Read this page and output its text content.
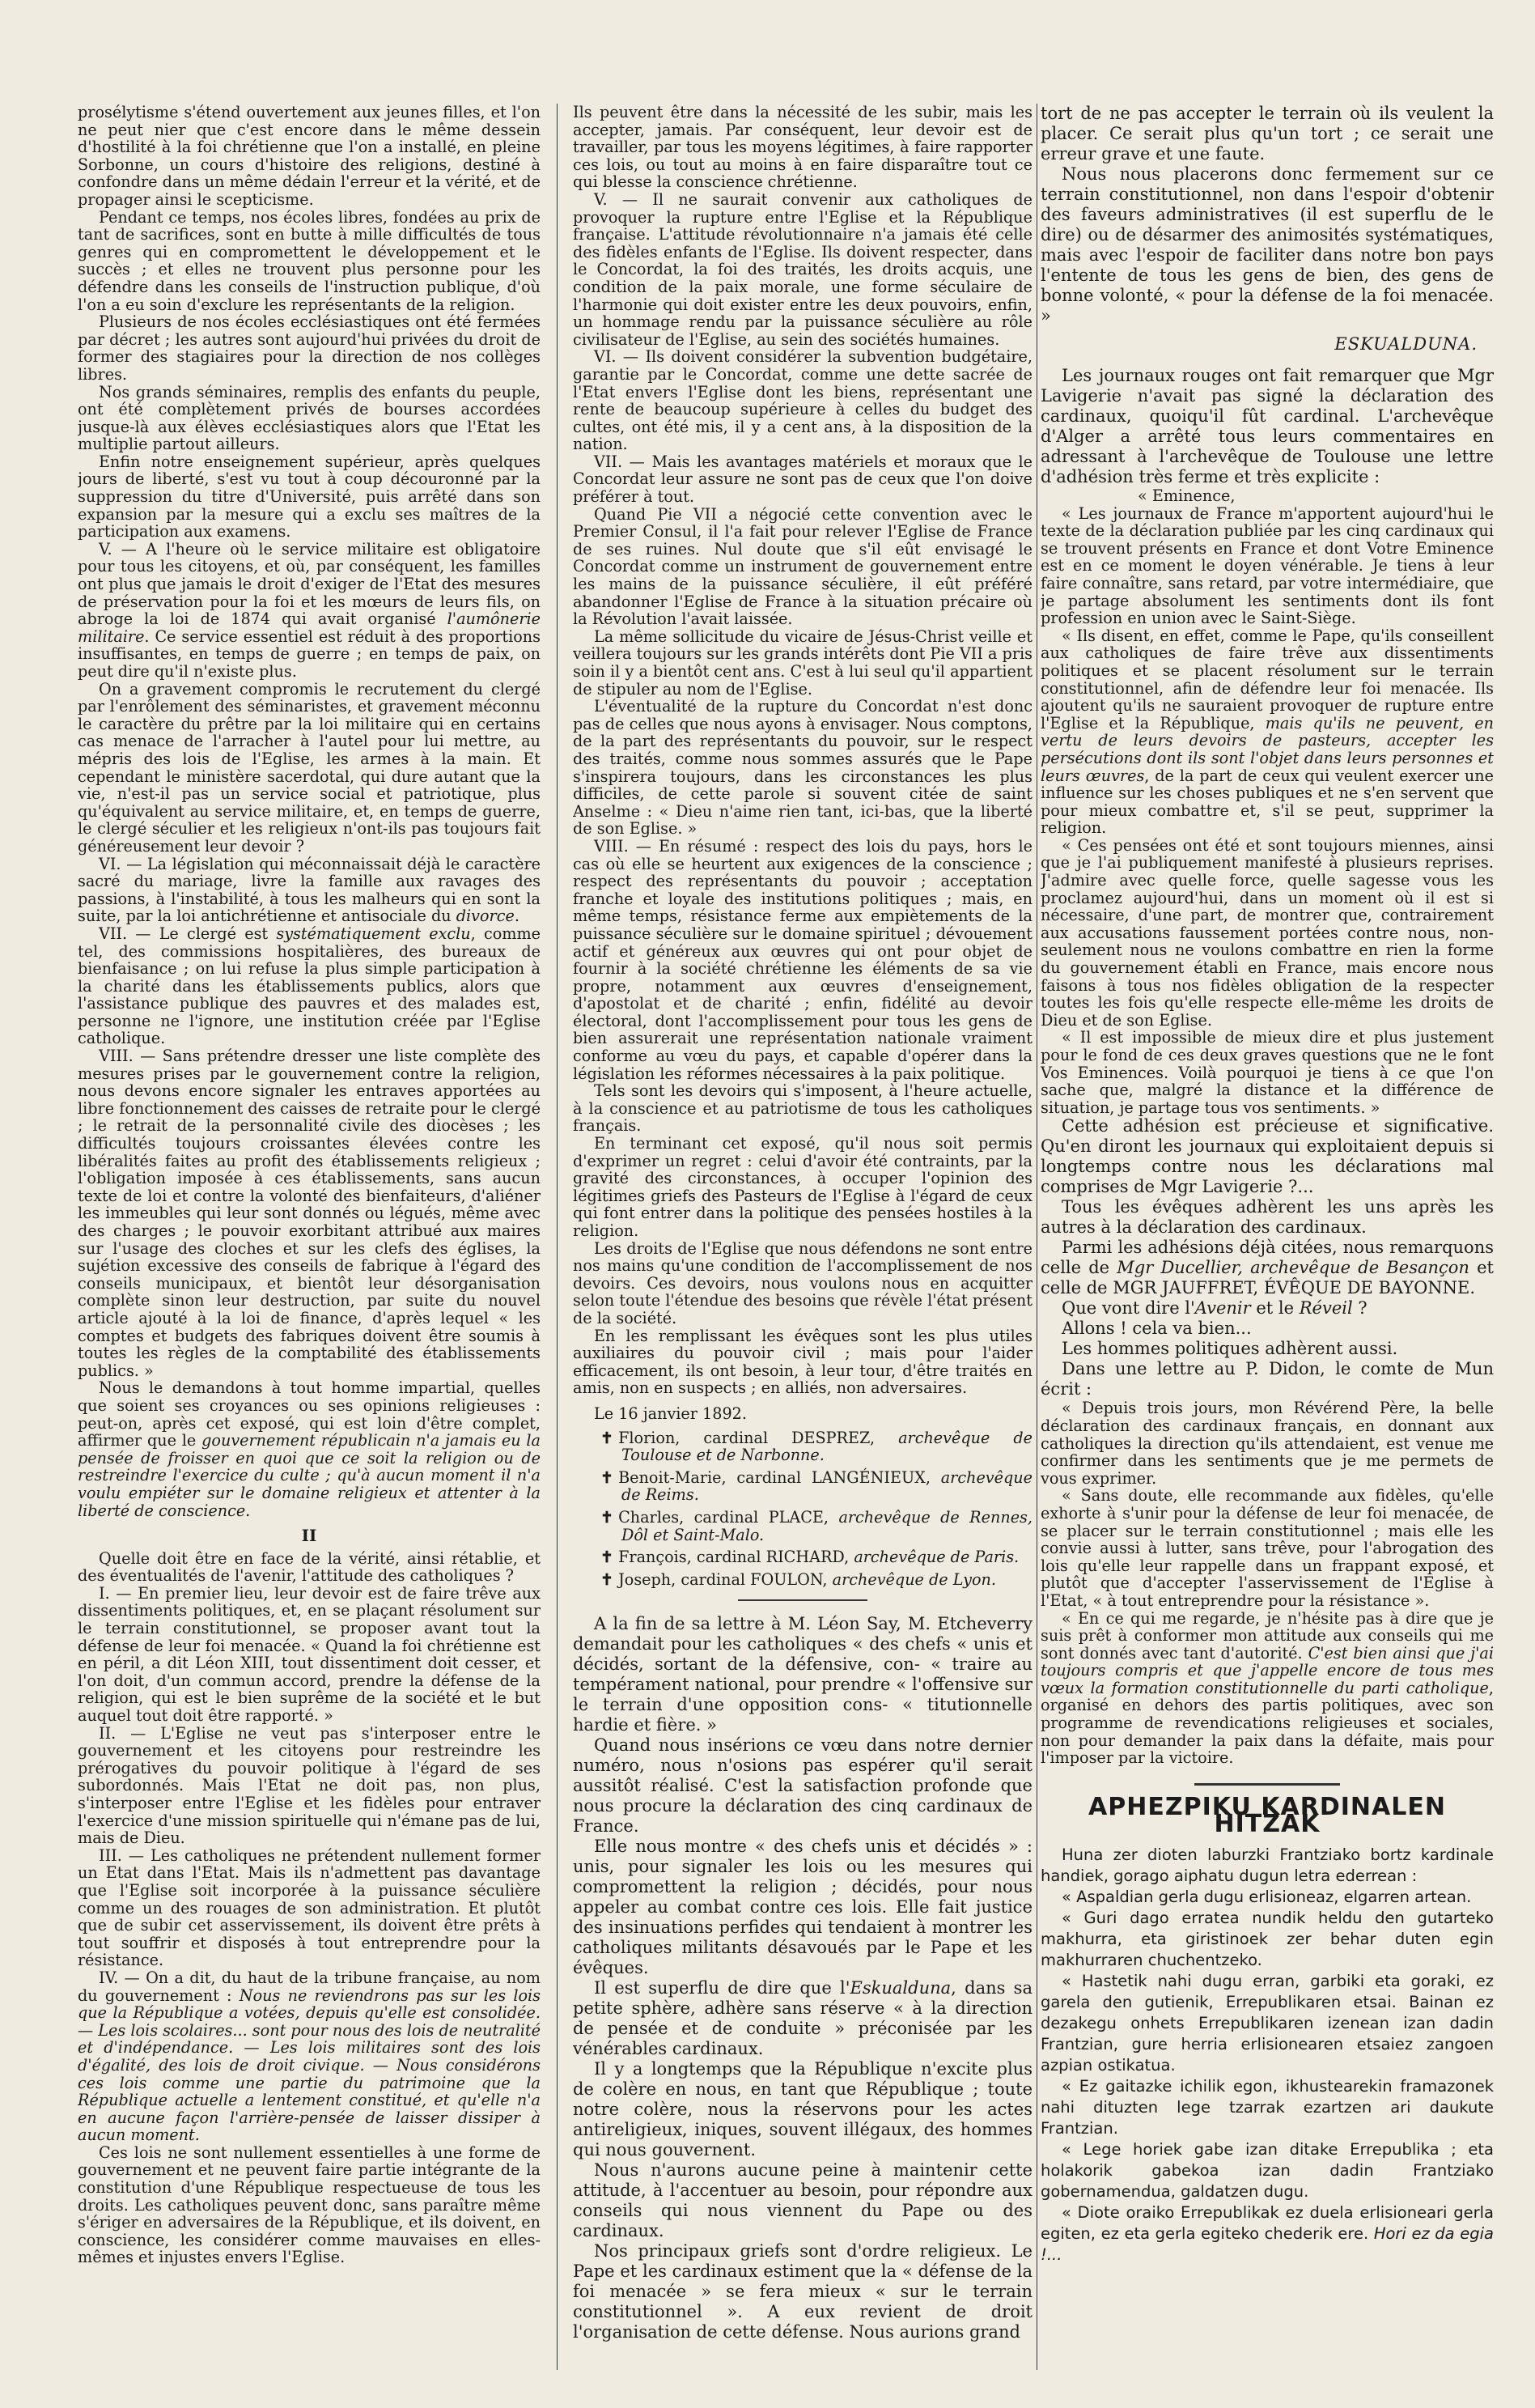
prosélytisme s'étend ouvertement aux jeunes filles, et l'on ne peut nier que c'est encore dans le même dessein d'hostilité à la foi chrétienne que l'on a installé, en pleine Sorbonne, un cours d'histoire des religions, destiné à confondre dans un même dédain l'erreur et la vérité, et de propager ainsi le scepticisme.

Pendant ce temps, nos écoles libres, fondées au prix de tant de sacrifices, sont en butte à mille difficultés de tous genres qui en compromettent le développement et le succès ; et elles ne trouvent plus personne pour les défendre dans les conseils de l'instruction publique, d'où l'on a eu soin d'exclure les représentants de la religion.

Plusieurs de nos écoles ecclésiastiques ont été fermées par décret ; les autres sont aujourd'hui privées du droit de former des stagiaires pour la direction de nos collèges libres.

Nos grands séminaires, remplis des enfants du peuple, ont été complètement privés de bourses accordées jusque-là aux élèves ecclésiastiques alors que l'Etat les multiplie partout ailleurs.

Enfin notre enseignement supérieur, après quelques jours de liberté, s'est vu tout à coup découronné par la suppression du titre d'Université, puis arrêté dans son expansion par la mesure qui a exclu ses maîtres de la participation aux examens.

V. — A l'heure où le service militaire est obligatoire pour tous les citoyens, et où, par conséquent, les familles ont plus que jamais le droit d'exiger de l'Etat des mesures de préservation pour la foi et les mœurs de leurs fils, on abroge la loi de 1874 qui avait organisé l'aumônerie militaire. Ce service essentiel est réduit à des proportions insuffisantes, en temps de guerre ; en temps de paix, on peut dire qu'il n'existe plus.

On a gravement compromis le recrutement du clergé par l'enrôlement des séminaristes, et gravement méconnu le caractère du prêtre par la loi militaire qui en certains cas menace de l'arracher à l'autel pour lui mettre, au mépris des lois de l'Eglise, les armes à la main. Et cependant le ministère sacerdotal, qui dure autant que la vie, n'est-il pas un service social et patriotique, plus qu'équivalent au service militaire, et, en temps de guerre, le clergé séculier et les religieux n'ont-ils pas toujours fait généreusement leur devoir ?

VI. — La législation qui méconnaissait déjà le caractère sacré du mariage, livre la famille aux ravages des passions, à l'instabilité, à tous les malheurs qui en sont la suite, par la loi antichrétienne et antisociale du divorce.

VII. — Le clergé est systématiquement exclu, comme tel, des commissions hospitalières, des bureaux de bienfaisance ; on lui refuse la plus simple participation à la charité dans les établissements publics, alors que l'assistance publique des pauvres et des malades est, personne ne l'ignore, une institution créée par l'Eglise catholique.

VIII. — Sans prétendre dresser une liste complète des mesures prises par le gouvernement contre la religion, nous devons encore signaler les entraves apportées au libre fonctionnement des caisses de retraite pour le clergé ; le retrait de la personnalité civile des diocèses ; les difficultés toujours croissantes élevées contre les libéralités faites au profit des établissements religieux ; l'obligation imposée à ces établissements, sans aucun texte de loi et contre la volonté des bienfaiteurs, d'aliéner les immeubles qui leur sont donnés ou légués, même avec des charges ; le pouvoir exorbitant attribué aux maires sur l'usage des cloches et sur les clefs des églises, la sujétion excessive des conseils de fabrique à l'égard des conseils municipaux, et bientôt leur désorganisation complète sinon leur destruction, par suite du nouvel article ajouté à la loi de finance, d'après lequel « les comptes et budgets des fabriques doivent être soumis à toutes les règles de la comptabilité des établissements publics. »

Nous le demandons à tout homme impartial, quelles que soient ses croyances ou ses opinions religieuses : peut-on, après cet exposé, qui est loin d'être complet, affirmer que le gouvernement républicain n'a jamais eu la pensée de froisser en quoi que ce soit la religion ou de restreindre l'exercice du culte ; qu'à aucun moment il n'a voulu empiéter sur le domaine religieux et attenter à la liberté de conscience.

II

Quelle doit être en face de la vérité, ainsi rétablie, et des éventualités de l'avenir, l'attitude des catholiques ?

I. — En premier lieu, leur devoir est de faire trêve aux dissentiments politiques, et, en se plaçant résolument sur le terrain constitutionnel, se proposer avant tout la défense de leur foi menacée. « Quand la foi chrétienne est en péril, a dit Léon XIII, tout dissentiment doit cesser, et l'on doit, d'un commun accord, prendre la défense de la religion, qui est le bien suprême de la société et le but auquel tout doit être rapporté. »

II. — L'Eglise ne veut pas s'interposer entre le gouvernement et les citoyens pour restreindre les prérogatives du pouvoir politique à l'égard de ses subordonnés. Mais l'Etat ne doit pas, non plus, s'interposer entre l'Eglise et les fidèles pour entraver l'exercice d'une mission spirituelle qui n'émane pas de lui, mais de Dieu.

III. — Les catholiques ne prétendent nullement former un Etat dans l'Etat. Mais ils n'admettent pas davantage que l'Eglise soit incorporée à la puissance séculière comme un des rouages de son administration. Et plutôt que de subir cet asservissement, ils doivent être prêts à tout souffrir et disposés à tout entreprendre pour la résistance.

IV. — On a dit, du haut de la tribune française, au nom du gouvernement : Nous ne reviendrons pas sur les lois que la République a votées, depuis qu'elle est consolidée. — Les lois scolaires... sont pour nous des lois de neutralité et d'indépendance. — Les lois militaires sont des lois d'égalité, des lois de droit civique. — Nous considérons ces lois comme une partie du patrimoine que la République actuelle a lentement constitué, et qu'elle n'a en aucune façon l'arrière-pensée de laisser dissiper à aucun moment.

Ces lois ne sont nullement essentielles à une forme de gouvernement et ne peuvent faire partie intégrante de la constitution d'une République respectueuse de tous les droits. Les catholiques peuvent donc, sans paraître même s'ériger en adversaires de la République, et ils doivent, en conscience, les considérer comme mauvaises en elles-mêmes et injustes envers l'Eglise.

Ils peuvent être dans la nécessité de les subir, mais les accepter, jamais. Par conséquent, leur devoir est de travailler, par tous les moyens légitimes, à faire rapporter ces lois, ou tout au moins à en faire disparaître tout ce qui blesse la conscience chrétienne.

V. — Il ne saurait convenir aux catholiques de provoquer la rupture entre l'Eglise et la République française. L'attitude révolutionnaire n'a jamais été celle des fidèles enfants de l'Eglise. Ils doivent respecter, dans le Concordat, la foi des traités, les droits acquis, une condition de la paix morale, une forme séculaire de l'harmonie qui doit exister entre les deux pouvoirs, enfin, un hommage rendu par la puissance séculière au rôle civilisateur de l'Eglise, au sein des sociétés humaines.

VI. — Ils doivent considérer la subvention budgétaire, garantie par le Concordat, comme une dette sacrée de l'Etat envers l'Eglise dont les biens, représentant une rente de beaucoup supérieure à celles du budget des cultes, ont été mis, il y a cent ans, à la disposition de la nation.

VII. — Mais les avantages matériels et moraux que le Concordat leur assure ne sont pas de ceux que l'on doive préférer à tout.

Quand Pie VII a négocié cette convention avec le Premier Consul, il l'a fait pour relever l'Eglise de France de ses ruines. Nul doute que s'il eût envisagé le Concordat comme un instrument de gouvernement entre les mains de la puissance séculière, il eût préféré abandonner l'Eglise de France à la situation précaire où la Révolution l'avait laissée.

La même sollicitude du vicaire de Jésus-Christ veille et veillera toujours sur les grands intérêts dont Pie VII a pris soin il y a bientôt cent ans. C'est à lui seul qu'il appartient de stipuler au nom de l'Eglise.

L'éventualité de la rupture du Concordat n'est donc pas de celles que nous ayons à envisager. Nous comptons, de la part des représentants du pouvoir, sur le respect des traités, comme nous sommes assurés que le Pape s'inspirera toujours, dans les circonstances les plus difficiles, de cette parole si souvent citée de saint Anselme : « Dieu n'aime rien tant, ici-bas, que la liberté de son Eglise. »

VIII. — En résumé : respect des lois du pays, hors le cas où elle se heurtent aux exigences de la conscience ; respect des représentants du pouvoir ; acceptation franche et loyale des institutions politiques ; mais, en même temps, résistance ferme aux empiètements de la puissance séculière sur le domaine spirituel ; dévouement actif et généreux aux œuvres qui ont pour objet de fournir à la société chrétienne les éléments de sa vie propre, notamment aux œuvres d'enseignement, d'apostolat et de charité ; enfin, fidélité au devoir électoral, dont l'accomplissement pour tous les gens de bien assurerait une représentation nationale vraiment conforme au vœu du pays, et capable d'opérer dans la législation les réformes nécessaires à la paix politique.

Tels sont les devoirs qui s'imposent, à l'heure actuelle, à la conscience et au patriotisme de tous les catholiques français.

En terminant cet exposé, qu'il nous soit permis d'exprimer un regret : celui d'avoir été contraints, par la gravité des circonstances, à occuper l'opinion des légitimes griefs des Pasteurs de l'Eglise à l'égard de ceux qui font entrer dans la politique des pensées hostiles à la religion.

Les droits de l'Eglise que nous défendons ne sont entre nos mains qu'une condition de l'accomplissement de nos devoirs. Ces devoirs, nous voulons nous en acquitter selon toute l'étendue des besoins que révèle l'état présent de la société.

En les remplissant les évêques sont les plus utiles auxiliaires du pouvoir civil ; mais pour l'aider efficacement, ils ont besoin, à leur tour, d'être traités en amis, non en suspects ; en alliés, non adversaires.

Le 16 janvier 1892.

✝ Florion, cardinal DESPREZ, archevêque de Toulouse et de Narbonne.

✝ Benoit-Marie, cardinal LANGÉNIEUX, archevêque de Reims.

✝ Charles, cardinal PLACE, archevêque de Rennes, Dôl et Saint-Malo.

✝ François, cardinal RICHARD, archevêque de Paris.

✝ Joseph, cardinal FOULON, archevêque de Lyon.

A la fin de sa lettre à M. Léon Say, M. Etcheverry demandait pour les catholiques « des chefs « unis et décidés, sortant de la défensive, con- « traire au tempérament national, pour prendre « l'offensive sur le terrain d'une opposition cons- « titutionnelle hardie et fière. »

Quand nous insérions ce vœu dans notre dernier numéro, nous n'osions pas espérer qu'il serait aussitôt réalisé. C'est la satisfaction profonde que nous procure la déclaration des cinq cardinaux de France.

Elle nous montre « des chefs unis et décidés » : unis, pour signaler les lois ou les mesures qui compromettent la religion ; décidés, pour nous appeler au combat contre ces lois. Elle fait justice des insinuations perfides qui tendaient à montrer les catholiques militants désavoués par le Pape et les évêques.

Il est superflu de dire que l'Eskualduna, dans sa petite sphère, adhère sans réserve « à la direction de pensée et de conduite » préconisée par les vénérables cardinaux.

Il y a longtemps que la République n'excite plus de colère en nous, en tant que République ; toute notre colère, nous la réservons pour les actes antireligieux, iniques, souvent illégaux, des hommes qui nous gouvernent.

Nous n'aurons aucune peine à maintenir cette attitude, à l'accentuer au besoin, pour répondre aux conseils qui nous viennent du Pape ou des cardinaux.

Nos principaux griefs sont d'ordre religieux. Le Pape et les cardinaux estiment que la « défense de la foi menacée » se fera mieux « sur le terrain constitutionnel ». A eux revient de droit l'organisation de cette défense. Nous aurions grand

tort de ne pas accepter le terrain où ils veulent la placer. Ce serait plus qu'un tort ; ce serait une erreur grave et une faute.

Nous nous placerons donc fermement sur ce terrain constitutionnel, non dans l'espoir d'obtenir des faveurs administratives (il est superflu de le dire) ou de désarmer des animosités systématiques, mais avec l'espoir de faciliter dans notre bon pays l'entente de tous les gens de bien, des gens de bonne volonté, « pour la défense de la foi menacée. »

ESKUALDUNA.

Les journaux rouges ont fait remarquer que Mgr Lavigerie n'avait pas signé la déclaration des cardinaux, quoiqu'il fût cardinal. L'archevêque d'Alger a arrêté tous leurs commentaires en adressant à l'archevêque de Toulouse une lettre d'adhésion très ferme et très explicite :

« Eminence,

« Les journaux de France m'apportent aujourd'hui le texte de la déclaration publiée par les cinq cardinaux qui se trouvent présents en France et dont Votre Eminence est en ce moment le doyen vénérable. Je tiens à leur faire connaître, sans retard, par votre intermédiaire, que je partage absolument les sentiments dont ils font profession en union avec le Saint-Siège.

« Ils disent, en effet, comme le Pape, qu'ils conseillent aux catholiques de faire trêve aux dissentiments politiques et se placent résolument sur le terrain constitutionnel, afin de défendre leur foi menacée. Ils ajoutent qu'ils ne sauraient provoquer de rupture entre l'Eglise et la République, mais qu'ils ne peuvent, en vertu de leurs devoirs de pasteurs, accepter les persécutions dont ils sont l'objet dans leurs personnes et leurs œuvres, de la part de ceux qui veulent exercer une influence sur les choses publiques et ne s'en servent que pour mieux combattre et, s'il se peut, supprimer la religion.

« Ces pensées ont été et sont toujours miennes, ainsi que je l'ai publiquement manifesté à plusieurs reprises. J'admire avec quelle force, quelle sagesse vous les proclamez aujourd'hui, dans un moment où il est si nécessaire, d'une part, de montrer que, contrairement aux accusations faussement portées contre nous, non-seulement nous ne voulons combattre en rien la forme du gouvernement établi en France, mais encore nous faisons à tous nos fidèles obligation de la respecter toutes les fois qu'elle respecte elle-même les droits de Dieu et de son Eglise.

« Il est impossible de mieux dire et plus justement pour le fond de ces deux graves questions que ne le font Vos Eminences. Voilà pourquoi je tiens à ce que l'on sache que, malgré la distance et la différence de situation, je partage tous vos sentiments. »

Cette adhésion est précieuse et significative. Qu'en diront les journaux qui exploitaient depuis si longtemps contre nous les déclarations mal comprises de Mgr Lavigerie ?...

Tous les évêques adhèrent les uns après les autres à la déclaration des cardinaux.

Parmi les adhésions déjà citées, nous remarquons celle de Mgr Ducellier, archevêque de Besançon et celle de MGR JAUFFRET, ÉVÊQUE DE BAYONNE.

Que vont dire l'Avenir et le Réveil ?

Allons ! cela va bien...

Les hommes politiques adhèrent aussi.

Dans une lettre au P. Didon, le comte de Mun écrit :

« Depuis trois jours, mon Révérend Père, la belle déclaration des cardinaux français, en donnant aux catholiques la direction qu'ils attendaient, est venue me confirmer dans les sentiments que je me permets de vous exprimer.

« Sans doute, elle recommande aux fidèles, qu'elle exhorte à s'unir pour la défense de leur foi menacée, de se placer sur le terrain constitutionnel ; mais elle les convie aussi à lutter, sans trêve, pour l'abrogation des lois qu'elle leur rappelle dans un frappant exposé, et plutôt que d'accepter l'asservissement de l'Eglise à l'Etat, « à tout entreprendre pour la résistance ».

« En ce qui me regarde, je n'hésite pas à dire que je suis prêt à conformer mon attitude aux conseils qui me sont donnés avec tant d'autorité. C'est bien ainsi que j'ai toujours compris et que j'appelle encore de tous mes vœux la formation constitutionnelle du parti catholique, organisé en dehors des partis politiques, avec son programme de revendications religieuses et sociales, non pour demander la paix dans la défaite, mais pour l'imposer par la victoire.

APHEZPIKU KARDINALEN HITZAK

Huna zer dioten laburzki Frantziako bortz kardinale handiek, gorago aiphatu dugun letra ederrean :

« Aspaldian gerla dugu erlisioneaz, elgarren artean.

« Guri dago erratea nundik heldu den gutarteko makhurra, eta giristinoek zer behar duten egin makhurraren chuchentzeko.

« Hastetik nahi dugu erran, garbiki eta goraki, ez garela den gutienik, Errepublikaren etsai. Bainan ez dezakegu onhets Errepublikaren izenean izan dadin Frantzian, gure herria erlisionearen etsaiez zangoen azpian ostikatua.

« Ez gaitazke ichilik egon, ikhustearekin framazonek nahi dituzten lege tzarrak ezartzen ari daukute Frantzian.

« Lege horiek gabe izan ditake Errepublika ; eta holakorik gabekoa izan dadin Frantziako gobernamendua, galdatzen dugu.

« Diote oraiko Errepublikak ez duela erlisioneari gerla egiten, ez eta gerla egiteko chederik ere. Hori ez da egia !...
